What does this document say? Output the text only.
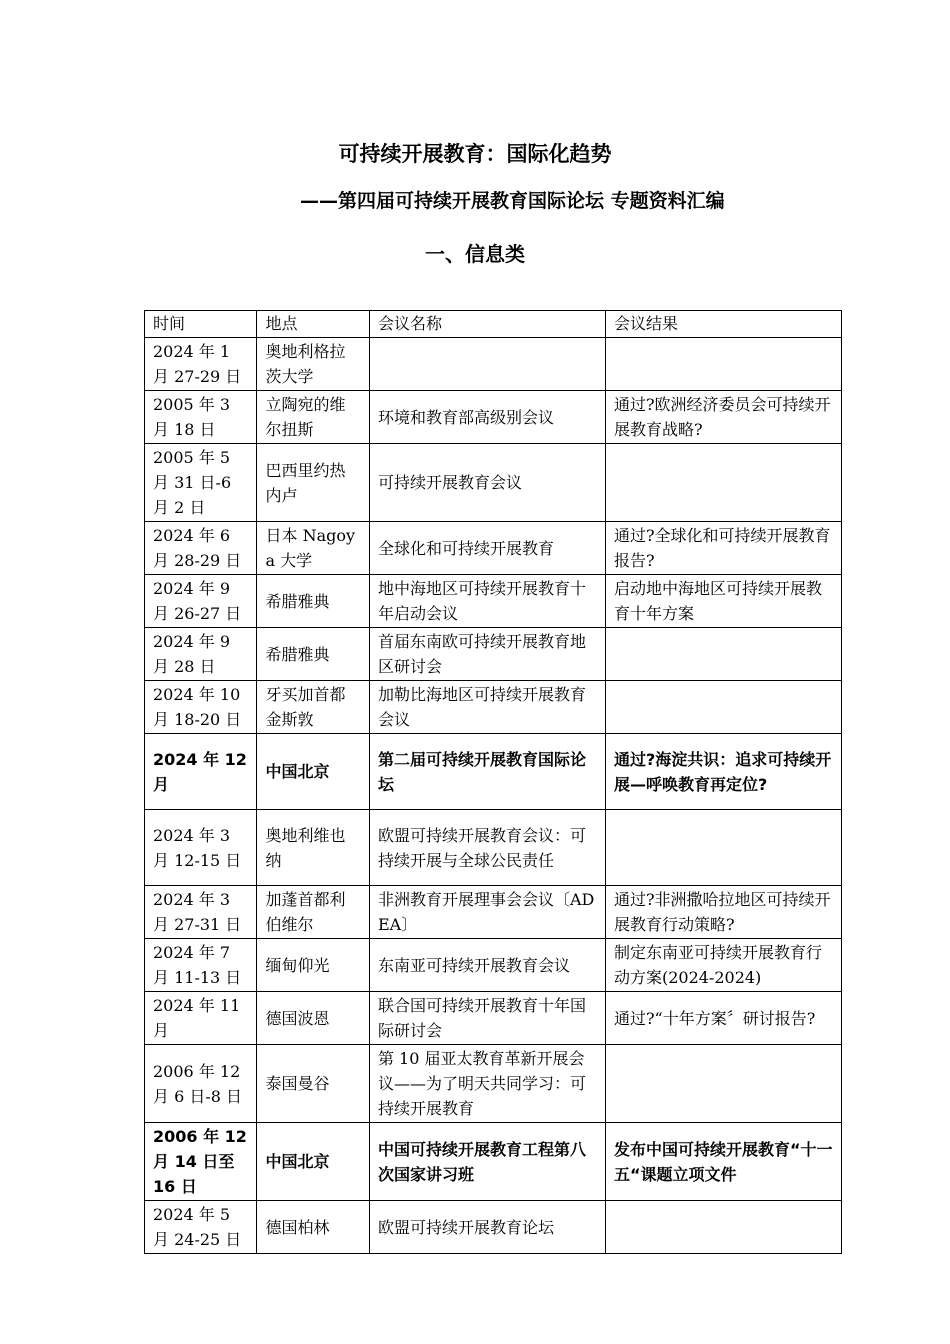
可持续开展教育：国际化趋势
——第四届可持续开展教育国际论坛 专题资料汇编
一、信息类
时间	地点	会议名称	会议结果
2024 年 1 月 27-29 日	奥地利格拉茨大学		
2005 年 3 月 18 日	立陶宛的维尔扭斯	环境和教育部高级别会议	通过?欧洲经济委员会可持续开展教育战略?
2005 年 5 月 31 日-6 月 2 日	巴西里约热内卢	可持续开展教育会议	
2024 年 6 月 28-29 日	日本 Nagoya 大学	全球化和可持续开展教育	通过?全球化和可持续开展教育报告?
2024 年 9 月 26-27 日	希腊雅典	地中海地区可持续开展教育十年启动会议	启动地中海地区可持续开展教育十年方案
2024 年 9 月 28 日	希腊雅典	首届东南欧可持续开展教育地区研讨会	
2024 年 10 月 18-20 日	牙买加首都金斯敦	加勒比海地区可持续开展教育会议	
2024 年 12 月	中国北京	第二届可持续开展教育国际论坛	通过?海淀共识：追求可持续开展—呼唤教育再定位?
2024 年 3 月 12-15 日	奥地利维也纳	欧盟可持续开展教育会议：可持续开展与全球公民责任	
2024 年 3 月 27-31 日	加蓬首都利伯维尔	非洲教育开展理事会会议〔ADEA〕	通过?非洲撒哈拉地区可持续开展教育行动策略?
2024 年 7 月 11-13 日	缅甸仰光	东南亚可持续开展教育会议	制定东南亚可持续开展教育行动方案(2024-2024)
2024 年 11 月	德国波恩	联合国可持续开展教育十年国际研讨会	通过?“十年方案〞研讨报告?
2006 年 12 月 6 日-8 日	泰国曼谷	第 10 届亚太教育革新开展会议——为了明天共同学习：可持续开展教育	
2006 年 12 月 14 日至 16 日	中国北京	中国可持续开展教育工程第八次国家讲习班	发布中国可持续开展教育“十一五“课题立项文件
2024 年 5 月 24-25 日	德国柏林	欧盟可持续开展教育论坛	
